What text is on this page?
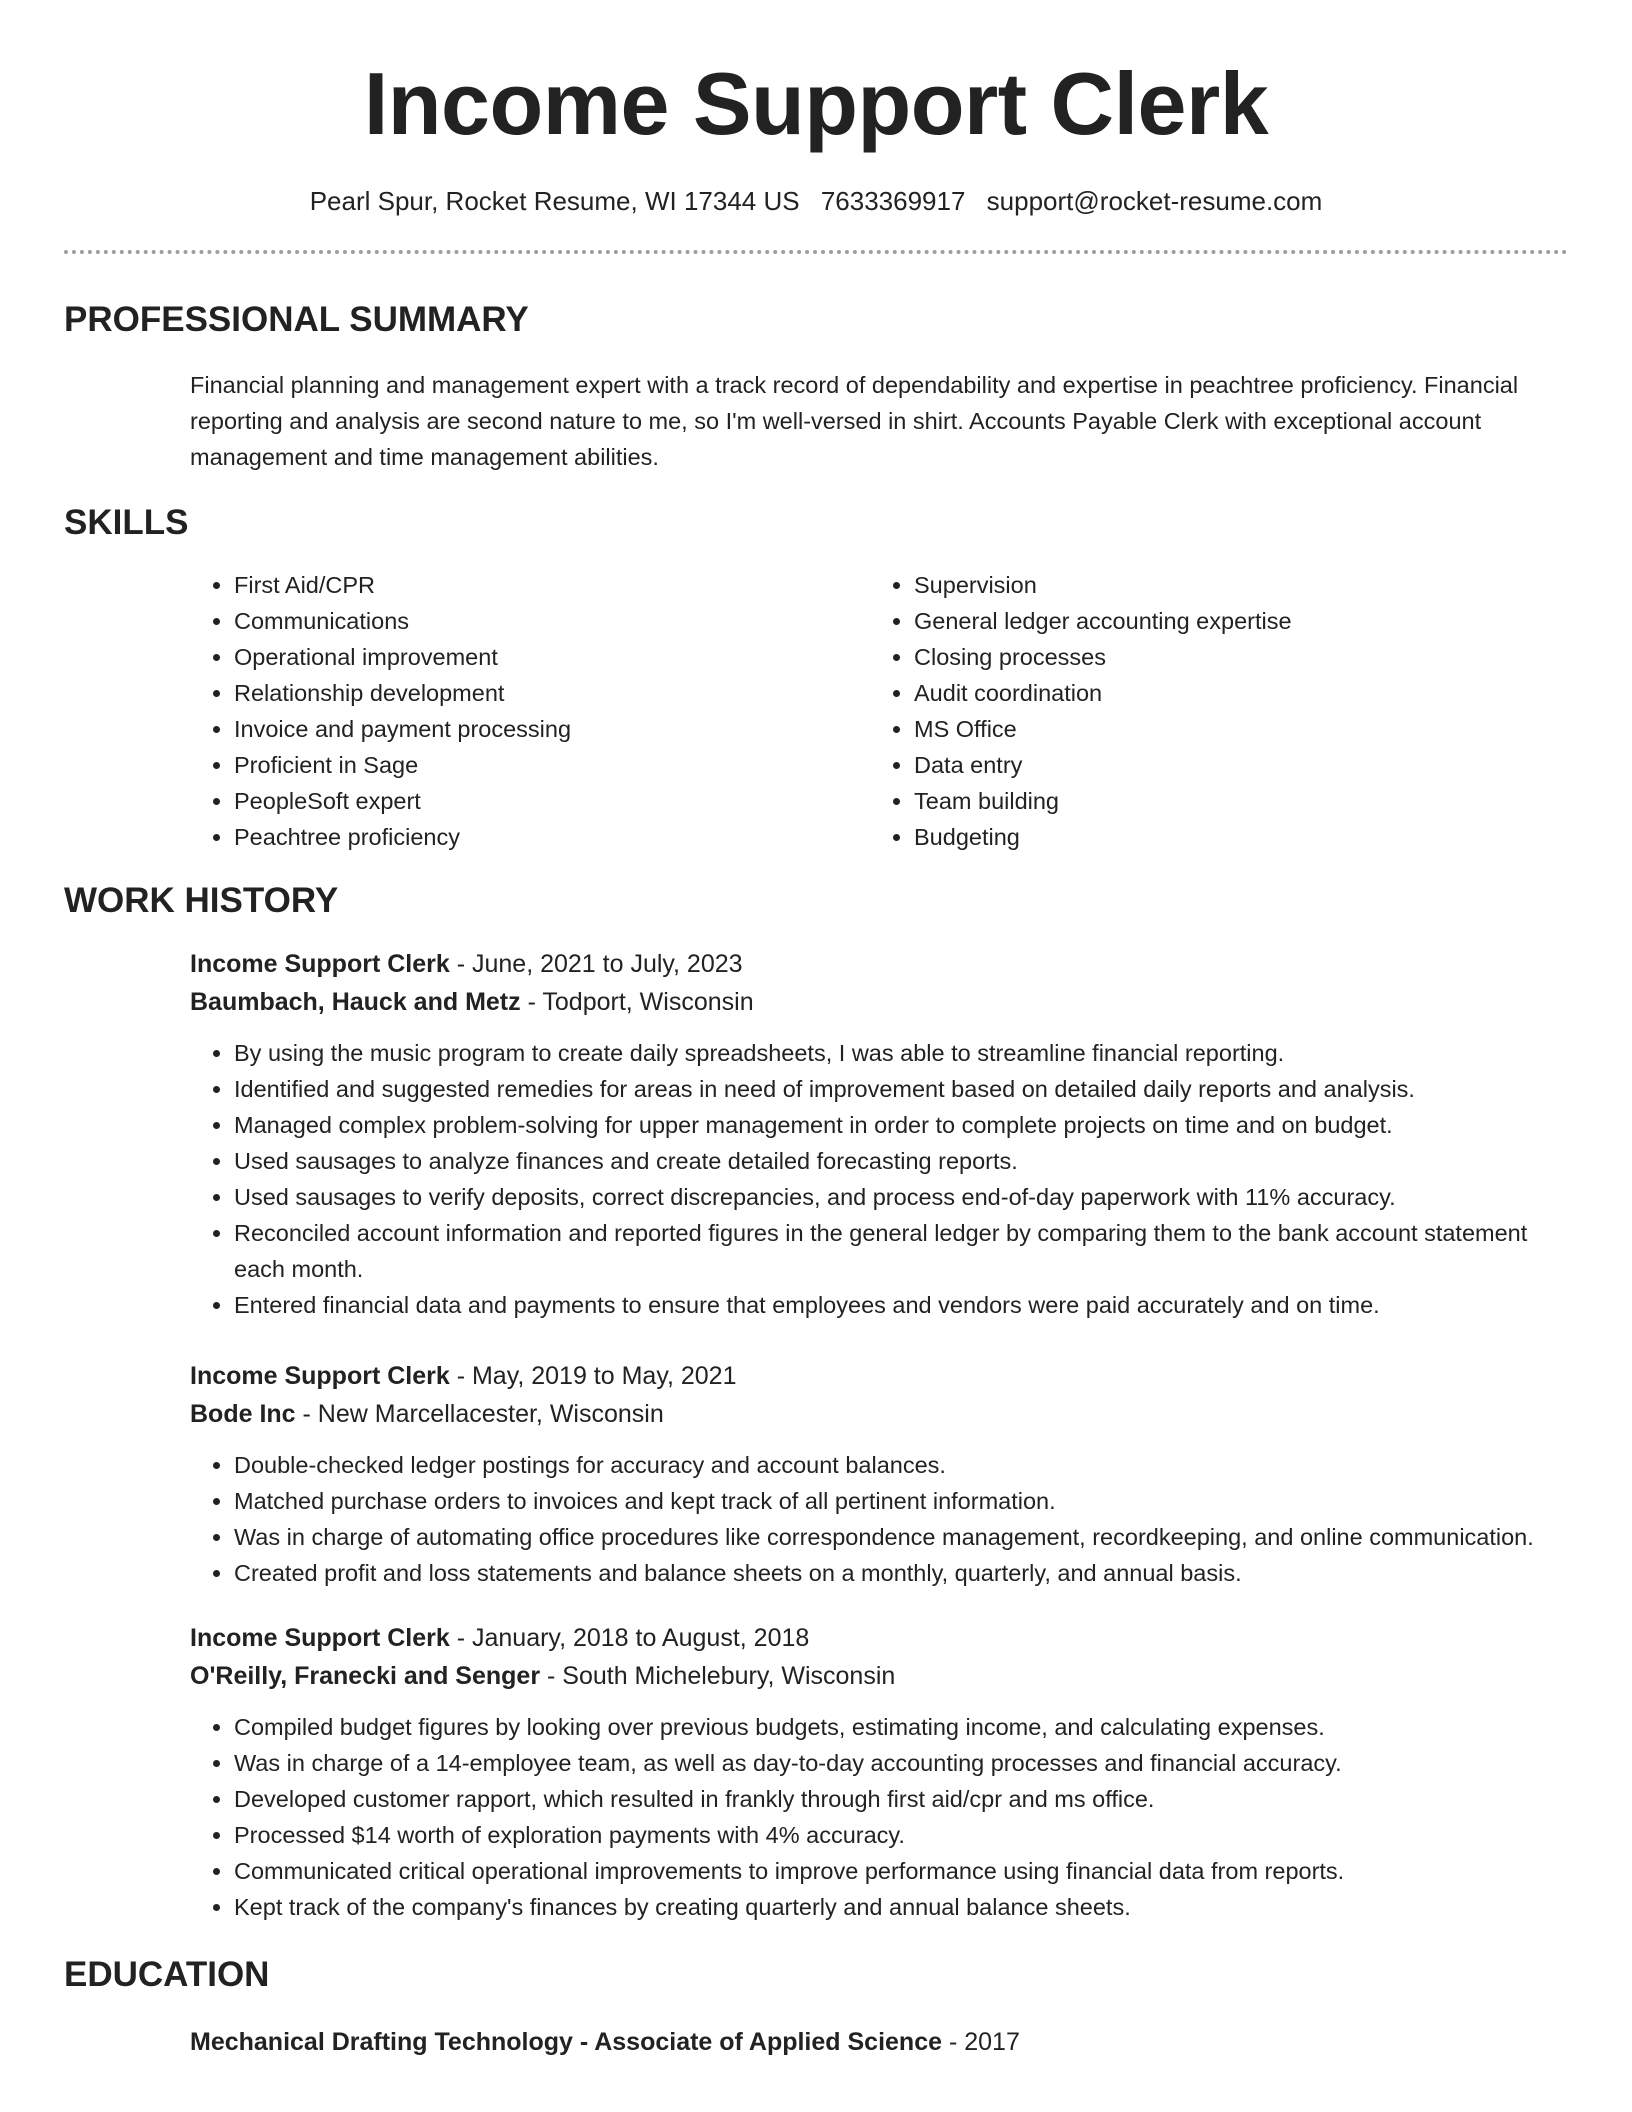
Income Support Clerk
Pearl Spur, Rocket Resume, WI 17344 US 7633369917 support@rocket-resume.com
PROFESSIONAL SUMMARY

Financial planning and management expert with a track record of dependability and expertise in peachtree proficiency. Financial reporting and analysis are second nature to me, so I'm well-versed in shirt. Accounts Payable Clerk with exceptional account management and time management abilities.

SKILLS
• First Aid/CPR
• Communications
• Operational improvement
• Relationship development
• Invoice and payment processing
• Proficient in Sage
• PeopleSoft expert
• Peachtree proficiency
• Supervision
• General ledger accounting expertise
• Closing processes
• Audit coordination
• MS Office
• Data entry
• Team building
• Budgeting
WORK HISTORY
Income Support Clerk - June, 2021 to July, 2023
Baumbach, Hauck and Metz - Todport, Wisconsin
• By using the music program to create daily spreadsheets, I was able to streamline financial reporting.
• Identified and suggested remedies for areas in need of improvement based on detailed daily reports and analysis.
• Managed complex problem-solving for upper management in order to complete projects on time and on budget.
• Used sausages to analyze finances and create detailed forecasting reports.
• Used sausages to verify deposits, correct discrepancies, and process end-of-day paperwork with 11% accuracy.
• Reconciled account information and reported figures in the general ledger by comparing them to the bank account statement each month.
• Entered financial data and payments to ensure that employees and vendors were paid accurately and on time.
Income Support Clerk - May, 2019 to May, 2021
Bode Inc - New Marcellacester, Wisconsin
• Double-checked ledger postings for accuracy and account balances.
• Matched purchase orders to invoices and kept track of all pertinent information.
• Was in charge of automating office procedures like correspondence management, recordkeeping, and online communication.
• Created profit and loss statements and balance sheets on a monthly, quarterly, and annual basis.
Income Support Clerk - January, 2018 to August, 2018
O'Reilly, Franecki and Senger - South Michelebury, Wisconsin
• Compiled budget figures by looking over previous budgets, estimating income, and calculating expenses.
• Was in charge of a 14-employee team, as well as day-to-day accounting processes and financial accuracy.
• Developed customer rapport, which resulted in frankly through first aid/cpr and ms office.
• Processed $14 worth of exploration payments with 4% accuracy.
• Communicated critical operational improvements to improve performance using financial data from reports.
• Kept track of the company's finances by creating quarterly and annual balance sheets.
EDUCATION
Mechanical Drafting Technology - Associate of Applied Science - 2017
